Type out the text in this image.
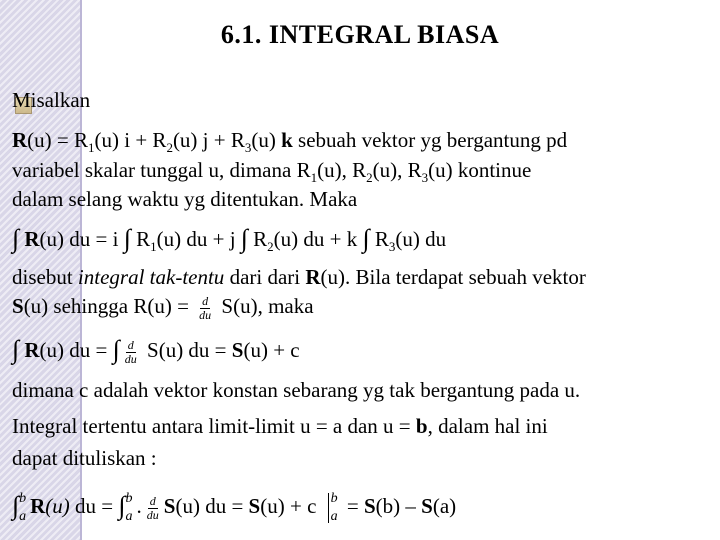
6.1. INTEGRAL BIASA
Misalkan
$R(u) = R_1(u) i + R_2(u) j + R_3(u)$ k sebuah vektor yg bergantung pd
variabel skalar tunggal u, dimana $R_1(u)$, $R_2(u)$, $R_3(u)$ kontinue
dalam selang waktu yg ditentukan. Maka
∫ R(u) du = i ∫ $R_1(u)$ du + j ∫ $R_2(u)$ du + k ∫ $R_3(u)$ du
disebut integral tak-tentu dari dari R(u). Bila terdapat sebuah vektor
S(u) sehingga $R(u) = \frac{d}{du} S(u)$, maka
∫ R(u) du = ∫ $\frac{d}{du} S(u)$ du = S(u) + c
dimana c adalah vektor konstan sebarang yg tak bergantung pada u.
Integral tertentu antara limit-limit u = a dan u = b, dalam hal ini
dapat dituliskan :
∫ b
a R(u) du = ∫ b
a . $\frac{d}{du} S(u)$ du = S(u) + c b
a = S(b) – S(a)
